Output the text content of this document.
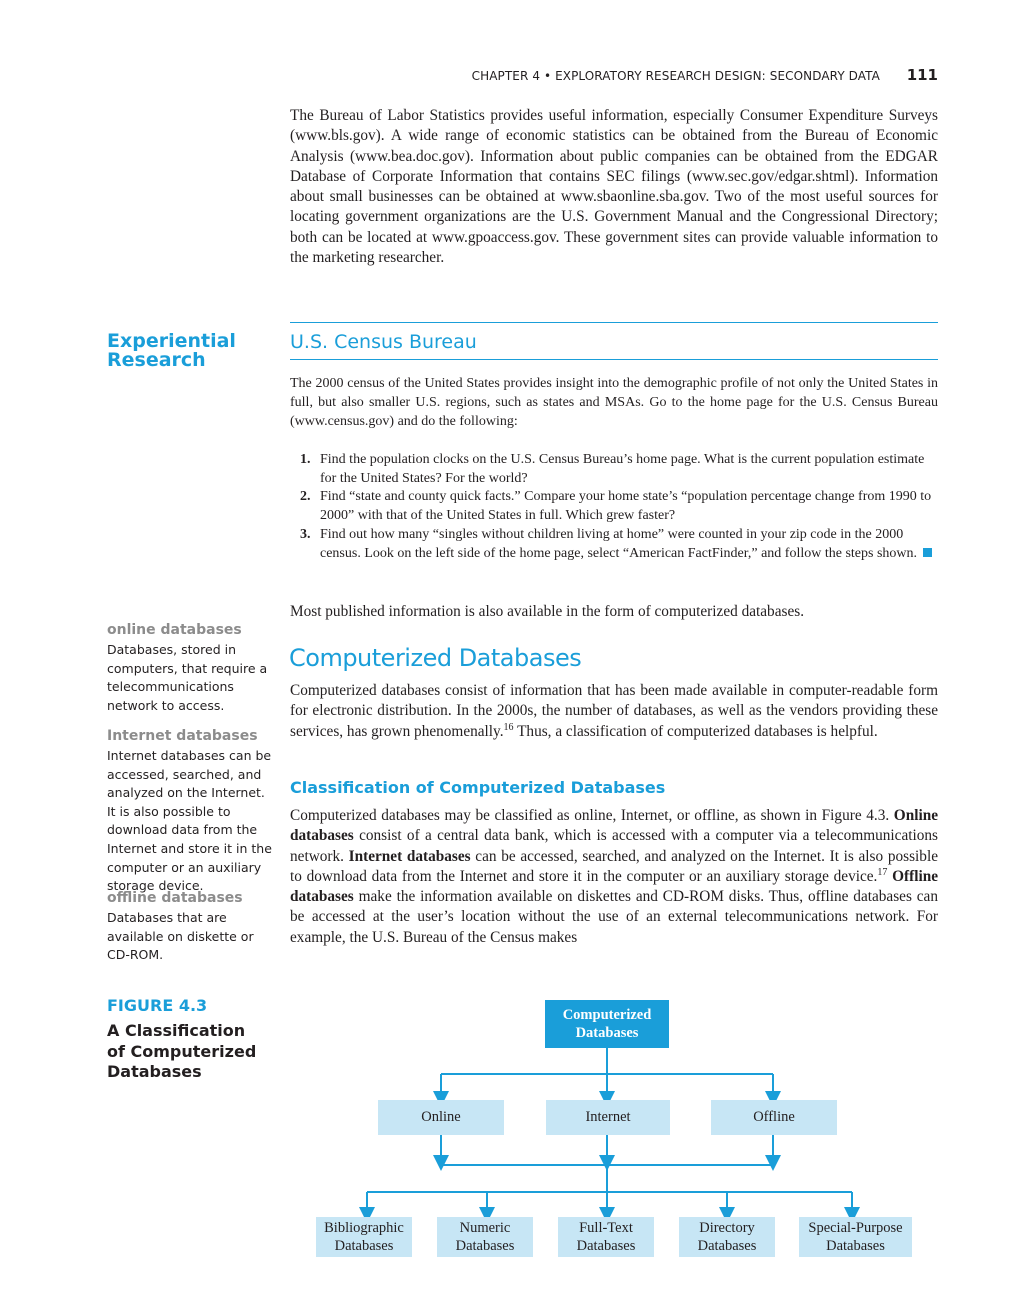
CHAPTER 4 • EXPLORATORY RESEARCH DESIGN: SECONDARY DATA 111

The Bureau of Labor Statistics provides useful information, especially Consumer Expenditure Surveys (www.bls.gov). A wide range of economic statistics can be obtained from the Bureau of Economic Analysis (www.bea.doc.gov). Information about public companies can be obtained from the EDGAR Database of Corporate Information that contains SEC filings (www.sec.gov/edgar.shtml). Information about small businesses can be obtained at www.sbaonline.sba.gov. Two of the most useful sources for locating government organizations are the U.S. Government Manual and the Congressional Directory; both can be located at www.gpoaccess.gov. These government sites can provide valuable information to the marketing researcher.

Experiential
Research
U.S. Census Bureau

The 2000 census of the United States provides insight into the demographic profile of not only the United States in full, but also smaller U.S. regions, such as states and MSAs. Go to the home page for the U.S. Census Bureau (www.census.gov) and do the following:

1. Find the population clocks on the U.S. Census Bureau’s home page. What is the current population estimate for the United States? For the world?
2. Find “state and county quick facts.” Compare your home state’s “population percentage change from 1990 to 2000” with that of the United States in full. Which grew faster?
3. Find out how many “singles without children living at home” were counted in your zip code in the 2000 census. Look on the left side of the home page, select “American FactFinder,” and follow the steps shown.

Most published information is also available in the form of computerized databases.

online databases

Databases, stored in computers, that require a telecommunications network to access.

Internet databases

Internet databases can be accessed, searched, and analyzed on the Internet. It is also possible to download data from the Internet and store it in the computer or an auxiliary storage device.

offline databases

Databases that are available on diskette or CD-ROM.

Computerized Databases

Computerized databases consist of information that has been made available in computer-readable form for electronic distribution. In the 2000s, the number of databases, as well as the vendors providing these services, has grown phenomenally.$^{16}$ Thus, a classification of computerized databases is helpful.

Classification of Computerized Databases

Computerized databases may be classified as online, Internet, or offline, as shown in Figure 4.3. Online databases consist of a central data bank, which is accessed with a computer via a telecommunications network. Internet databases can be accessed, searched, and analyzed on the Internet. It is also possible to download data from the Internet and store it in the computer or an auxiliary storage device.$^{17}$ Offline databases make the information available on diskettes and CD-ROM disks. Thus, offline databases can be accessed at the user’s location without the use of an external telecommunications network. For example, the U.S. Bureau of the Census makes

FIGURE 4.3
A Classification of Computerized Databases
Computerized
Databases
Online	Internet	Offline
Bibliographic
Databases
Numeric
Databases
Full-Text
Databases
Directory
Databases
Special-Purpose
Databases
